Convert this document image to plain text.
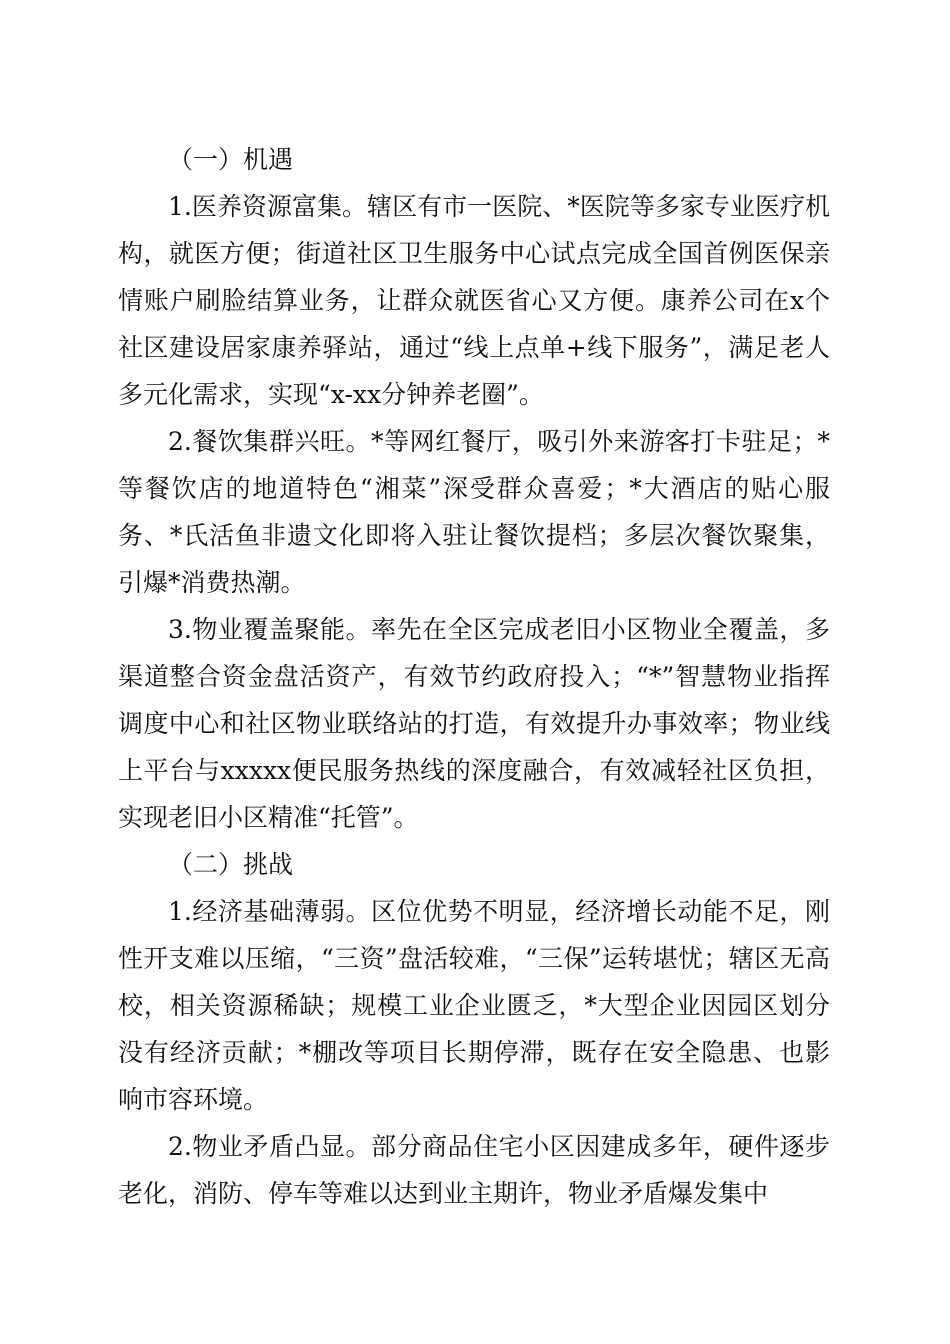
（一）机遇

1.医养资源富集。辖区有市一医院、*医院等多家专业医疗机构，就医方便；街道社区卫生服务中心试点完成全国首例医保亲情账户刷脸结算业务，让群众就医省心又方便。康养公司在x个社区建设居家康养驿站，通过“线上点单+线下服务”，满足老人多元化需求，实现“x-xx分钟养老圈”。

2.餐饮集群兴旺。*等网红餐厅，吸引外来游客打卡驻足；*等餐饮店的地道特色“湘菜”深受群众喜爱；*大酒店的贴心服务、*氏活鱼非遗文化即将入驻让餐饮提档；多层次餐饮聚集，引爆*消费热潮。

3.物业覆盖聚能。率先在全区完成老旧小区物业全覆盖，多渠道整合资金盘活资产，有效节约政府投入；“*”智慧物业指挥调度中心和社区物业联络站的打造，有效提升办事效率；物业线上平台与xxxxx便民服务热线的深度融合，有效减轻社区负担，实现老旧小区精准“托管”。

（二）挑战

1.经济基础薄弱。区位优势不明显，经济增长动能不足，刚性开支难以压缩，“三资”盘活较难，“三保”运转堪忧；辖区无高校，相关资源稀缺；规模工业企业匮乏，*大型企业因园区划分没有经济贡献；*棚改等项目长期停滞，既存在安全隐患、也影响市容环境。

2.物业矛盾凸显。部分商品住宅小区因建成多年，硬件逐步老化，消防、停车等难以达到业主期许，物业矛盾爆发集中
